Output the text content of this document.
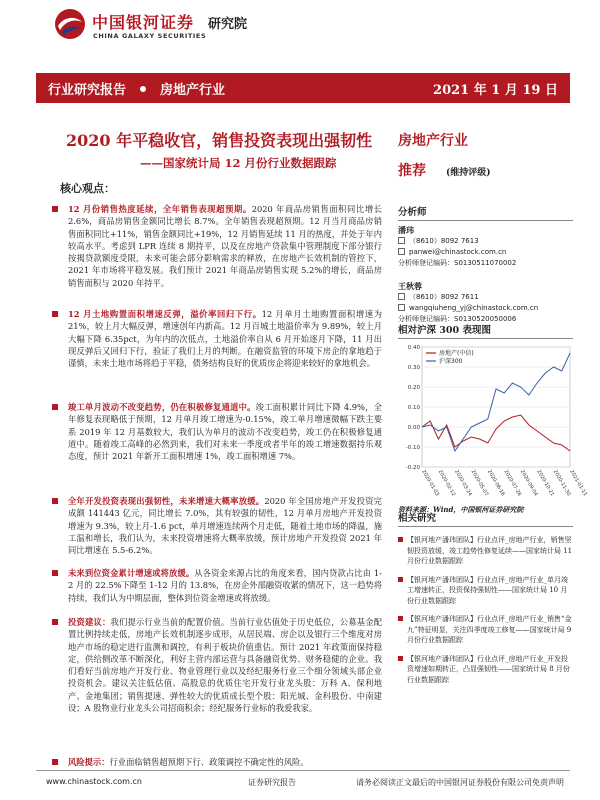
中国银河证券
CHINA GALAXY SECURITIES
研究院
行业研究报告	房地产行业	2021 年 1 月 19 日
2020 年平稳收官，销售投资表现出强韧性
——国家统计局 12 月份行业数据跟踪
核心观点：
12 月份销售热度延续，全年销售表现超预期。2020 年商品房销售面积同比增长 2.6%，商品房销售金额同比增长 8.7%。全年销售表现超预期。12 月当月商品房销售面积同比+11%，销售金额同比+19%，12 月销售延续 11 月的热度，并处于年内较高水平。考虑到 LPR 连续 8 期持平，以及在房地产贷款集中管理制度下部分银行按揭贷款额度受限，未来可能会部分影响需求的释放，在房地产长效机制的管控下，2021 年市场将平稳发展。我们预计 2021 年商品房销售实现 5.2%的增长，商品房销售面积与 2020 年持平。
12 月土地购置面积增速反弹，溢价率回归下行。12 月单月土地购置面积增速为 21%，较上月大幅反弹，增速创年内新高。12 月百城土地溢价率为 9.89%，较上月大幅下降 6.35pct，为年内的次低点，土地溢价率自从 6 月开始逐月下降，11 月出现反弹后又回归下行，验证了我们上月的判断。在融资监管的环境下房企的拿地趋于谨慎，未来土地市场将趋于平稳，债务结构良好的优质房企将迎来较好的拿地机会。
竣工单月波动不改变趋势，仍在积极修复通道中。竣工面积累计同比下降 4.9%，全年修复表现略低于预期，12 月单月竣工增速为-0.15%，竣工单月增速微幅下跌主要系 2019 年 12 月基数较大，我们认为单月的波动不改变趋势，竣工仍在积极修复通道中。随着竣工高峰的必然到来，我们对未来一季度或者半年的竣工增速数据持乐观态度，预计 2021 年新开工面积增速 1%，竣工面积增速 7%。
全年开发投资表现出强韧性，未来增速大概率放缓。2020 年全国房地产开发投资完成额 141443 亿元，同比增长 7.0%，其有较强的韧性，12 月单月房地产开发投资增速为 9.3%，较上月-1.6 pct，单月增速连续两个月走低，随着土地市场的降温，施工温和增长，我们认为，未来投资增速将大概率放缓，预计房地产开发投资 2021 年同比增速在 5.5-6.2%。
未来到位资金累计增速或将放缓。从各资金来源占比的角度来看，国内贷款占比由 1-2 月的 22.5%下降至 1-12 月的 13.8%，在房企外部融资收紧的情况下，这一趋势将持续，我们认为中期层面，整体到位资金增速或将放缓。
投资建议：我们提示行业当前的配置价值。当前行业估值处于历史低位，公募基金配置比例持续走低，房地产长效机制逐步成形，从居民端、房企以及银行三个维度对房地产市场的稳定进行监测和调控，有利于板块价值重估。预计 2021 年政策面保持稳定，供给侧改革不断深化，利好主营内部运营与具备融资优势、财务稳健的企业。我们看好当前房地产开发行业、物业管理行业以及经纪服务行业三个细分领域头部企业投资机会。建议关注低估值、高股息的优质住宅开发行业龙头股：万科 A、保利地产、金地集团；销售提速、弹性较大的优质成长型个股：阳光城、金科股份、中南建设；A 股物业行业龙头公司招商积余；经纪服务行业标的我爱我家。
风险提示：行业面临销售超预期下行、政策调控不确定性的风险。
房地产行业
推荐 (维持评级)
分析师
潘玮
（8610）8092 7613
panwei@chinastock.com.cn
分析师登记编码：S0130511070002
王秋蓉
（8610）8092 7611
wangqiuheng_yj@chinastock.com.cn
分析师登记编码：S0130520050006
相对沪深 300 表现图
0.40
0.30
0.20
0.10
0.00
-0.10
-0.20
2020-01-03
2020-02-12
2020-03-24
2020-05-07
2020-06-16
2020-07-28
2020-09-04
2020-10-21
2020-11-30
2021-01-11
房地产(中信)
沪深300
资料来源：Wind，中国银河证券研究院
相关研究
【银河地产潘玮团队】行业点评_房地产行业，销售坚韧投资放缓，竣工趋势性修复延续——国家统计局 11 月份行业数据跟踪
【银河地产潘玮团队】行业点评_房地产行业_单月竣工增速转正，投资保持强韧性——国家统计局 10 月份行业数据跟踪
【银河地产潘玮团队】行业点评_房地产行业_销售“金九”特征明显，关注四季度竣工修复——国家统计局 9 月份行业数据跟踪
【银河地产潘玮团队】行业点评_房地产行业_开发投资增速如期转正，凸显强韧性——国家统计局 8 月份行业数据跟踪
www.chinastock.com.cn	证券研究报告	请务必阅读正文最后的中国银河证券股份有限公司免责声明
